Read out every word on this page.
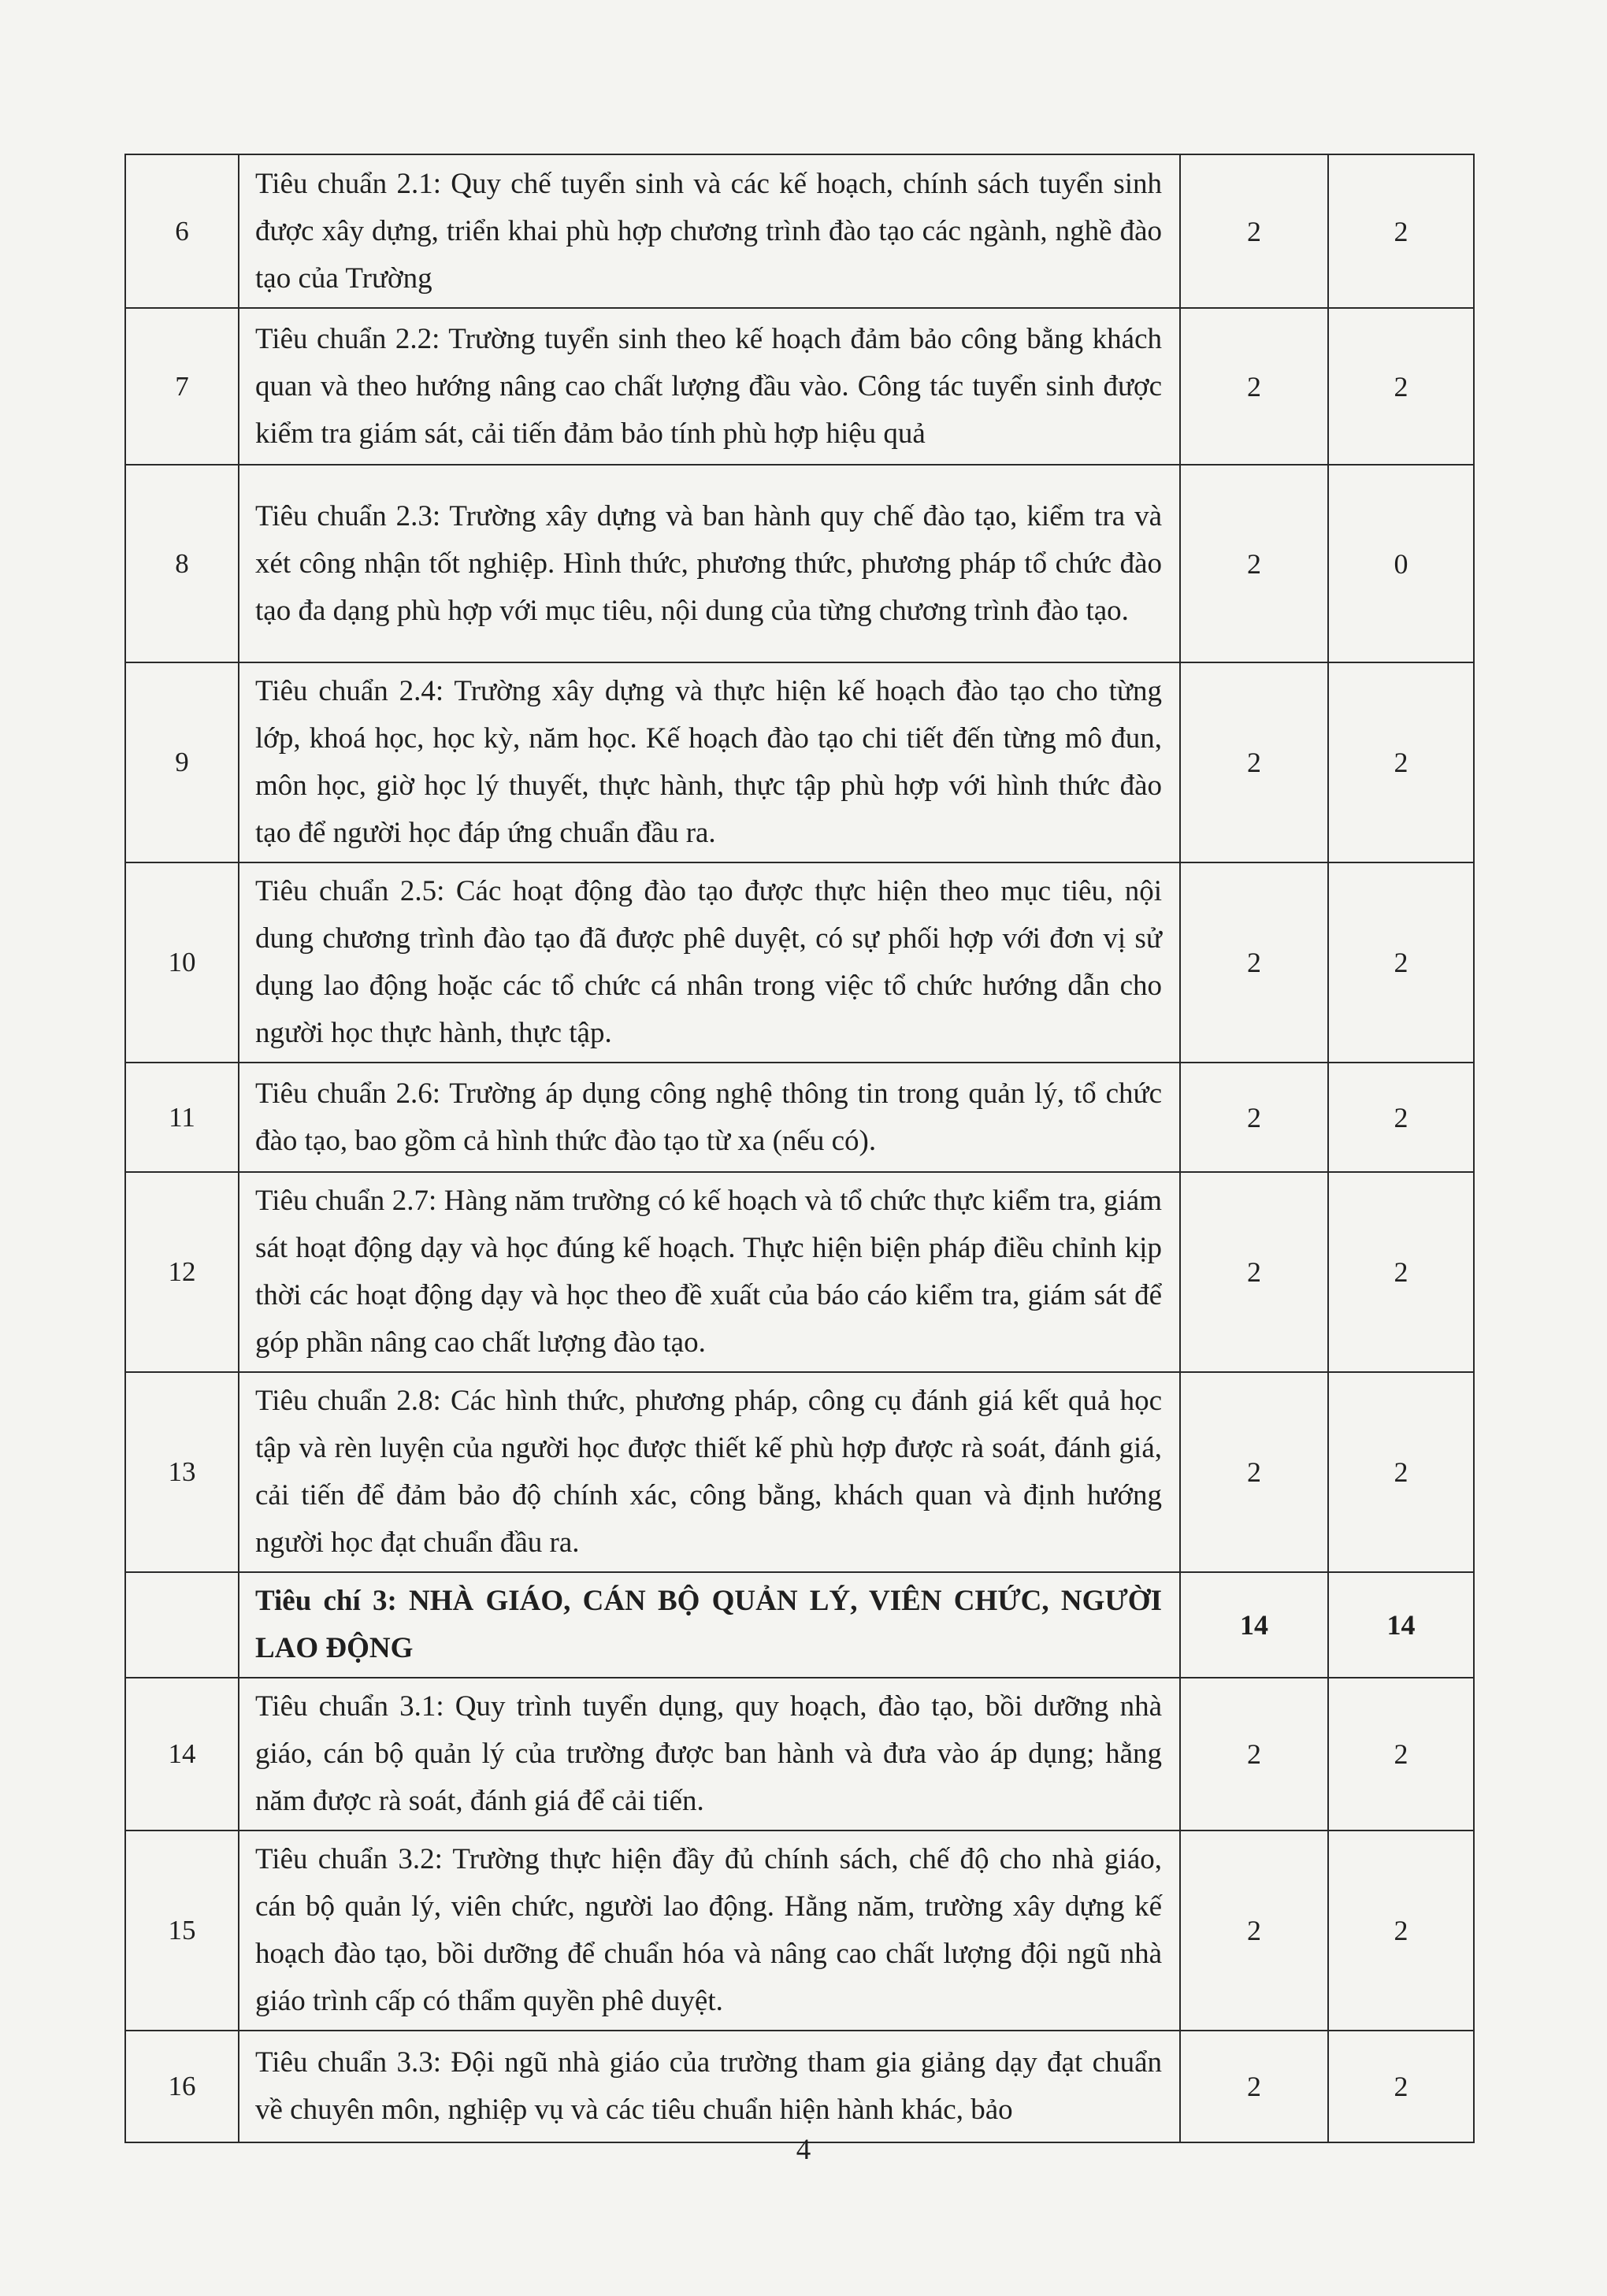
6	Tiêu chuẩn 2.1: Quy chế tuyển sinh và các kế hoạch, chính sách tuyển sinh được xây dựng, triển khai phù hợp chương trình đào tạo các ngành, nghề đào tạo của Trường	2	2
7	Tiêu chuẩn 2.2: Trường tuyển sinh theo kế hoạch đảm bảo công bằng khách quan và theo hướng nâng cao chất lượng đầu vào. Công tác tuyển sinh được kiểm tra giám sát, cải tiến đảm bảo tính phù hợp hiệu quả	2	2
8	Tiêu chuẩn 2.3: Trường xây dựng và ban hành quy chế đào tạo, kiểm tra và xét công nhận tốt nghiệp. Hình thức, phương thức, phương pháp tổ chức đào tạo đa dạng phù hợp với mục tiêu, nội dung của từng chương trình đào tạo.	2	0
9	Tiêu chuẩn 2.4: Trường xây dựng và thực hiện kế hoạch đào tạo cho từng lớp, khoá học, học kỳ, năm học. Kế hoạch đào tạo chi tiết đến từng mô đun, môn học, giờ học lý thuyết, thực hành, thực tập phù hợp với hình thức đào tạo để người học đáp ứng chuẩn đầu ra.	2	2
10	Tiêu chuẩn 2.5: Các hoạt động đào tạo được thực hiện theo mục tiêu, nội dung chương trình đào tạo đã được phê duyệt, có sự phối hợp với đơn vị sử dụng lao động hoặc các tổ chức cá nhân trong việc tổ chức hướng dẫn cho người học thực hành, thực tập.	2	2
11	Tiêu chuẩn 2.6: Trường áp dụng công nghệ thông tin trong quản lý, tổ chức đào tạo, bao gồm cả hình thức đào tạo từ xa (nếu có).	2	2
12	Tiêu chuẩn 2.7: Hàng năm trường có kế hoạch và tổ chức thực kiểm tra, giám sát hoạt động dạy và học đúng kế hoạch. Thực hiện biện pháp điều chỉnh kịp thời các hoạt động dạy và học theo đề xuất của báo cáo kiểm tra, giám sát để góp phần nâng cao chất lượng đào tạo.	2	2
13	Tiêu chuẩn 2.8: Các hình thức, phương pháp, công cụ đánh giá kết quả học tập và rèn luyện của người học được thiết kế phù hợp được rà soát, đánh giá, cải tiến để đảm bảo độ chính xác, công bằng, khách quan và định hướng người học đạt chuẩn đầu ra.	2	2
	Tiêu chí 3: NHÀ GIÁO, CÁN BỘ QUẢN LÝ, VIÊN CHỨC, NGƯỜI LAO ĐỘNG	14	14
14	Tiêu chuẩn 3.1: Quy trình tuyển dụng, quy hoạch, đào tạo, bồi dưỡng nhà giáo, cán bộ quản lý của trường được ban hành và đưa vào áp dụng; hằng năm được rà soát, đánh giá để cải tiến.	2	2
15	Tiêu chuẩn 3.2: Trường thực hiện đầy đủ chính sách, chế độ cho nhà giáo, cán bộ quản lý, viên chức, người lao động. Hằng năm, trường xây dựng kế hoạch đào tạo, bồi dưỡng để chuẩn hóa và nâng cao chất lượng đội ngũ nhà giáo trình cấp có thẩm quyền phê duyệt.	2	2
16	Tiêu chuẩn 3.3: Đội ngũ nhà giáo của trường tham gia giảng dạy đạt chuẩn về chuyên môn, nghiệp vụ và các tiêu chuẩn hiện hành khác, bảo	2	2
4
